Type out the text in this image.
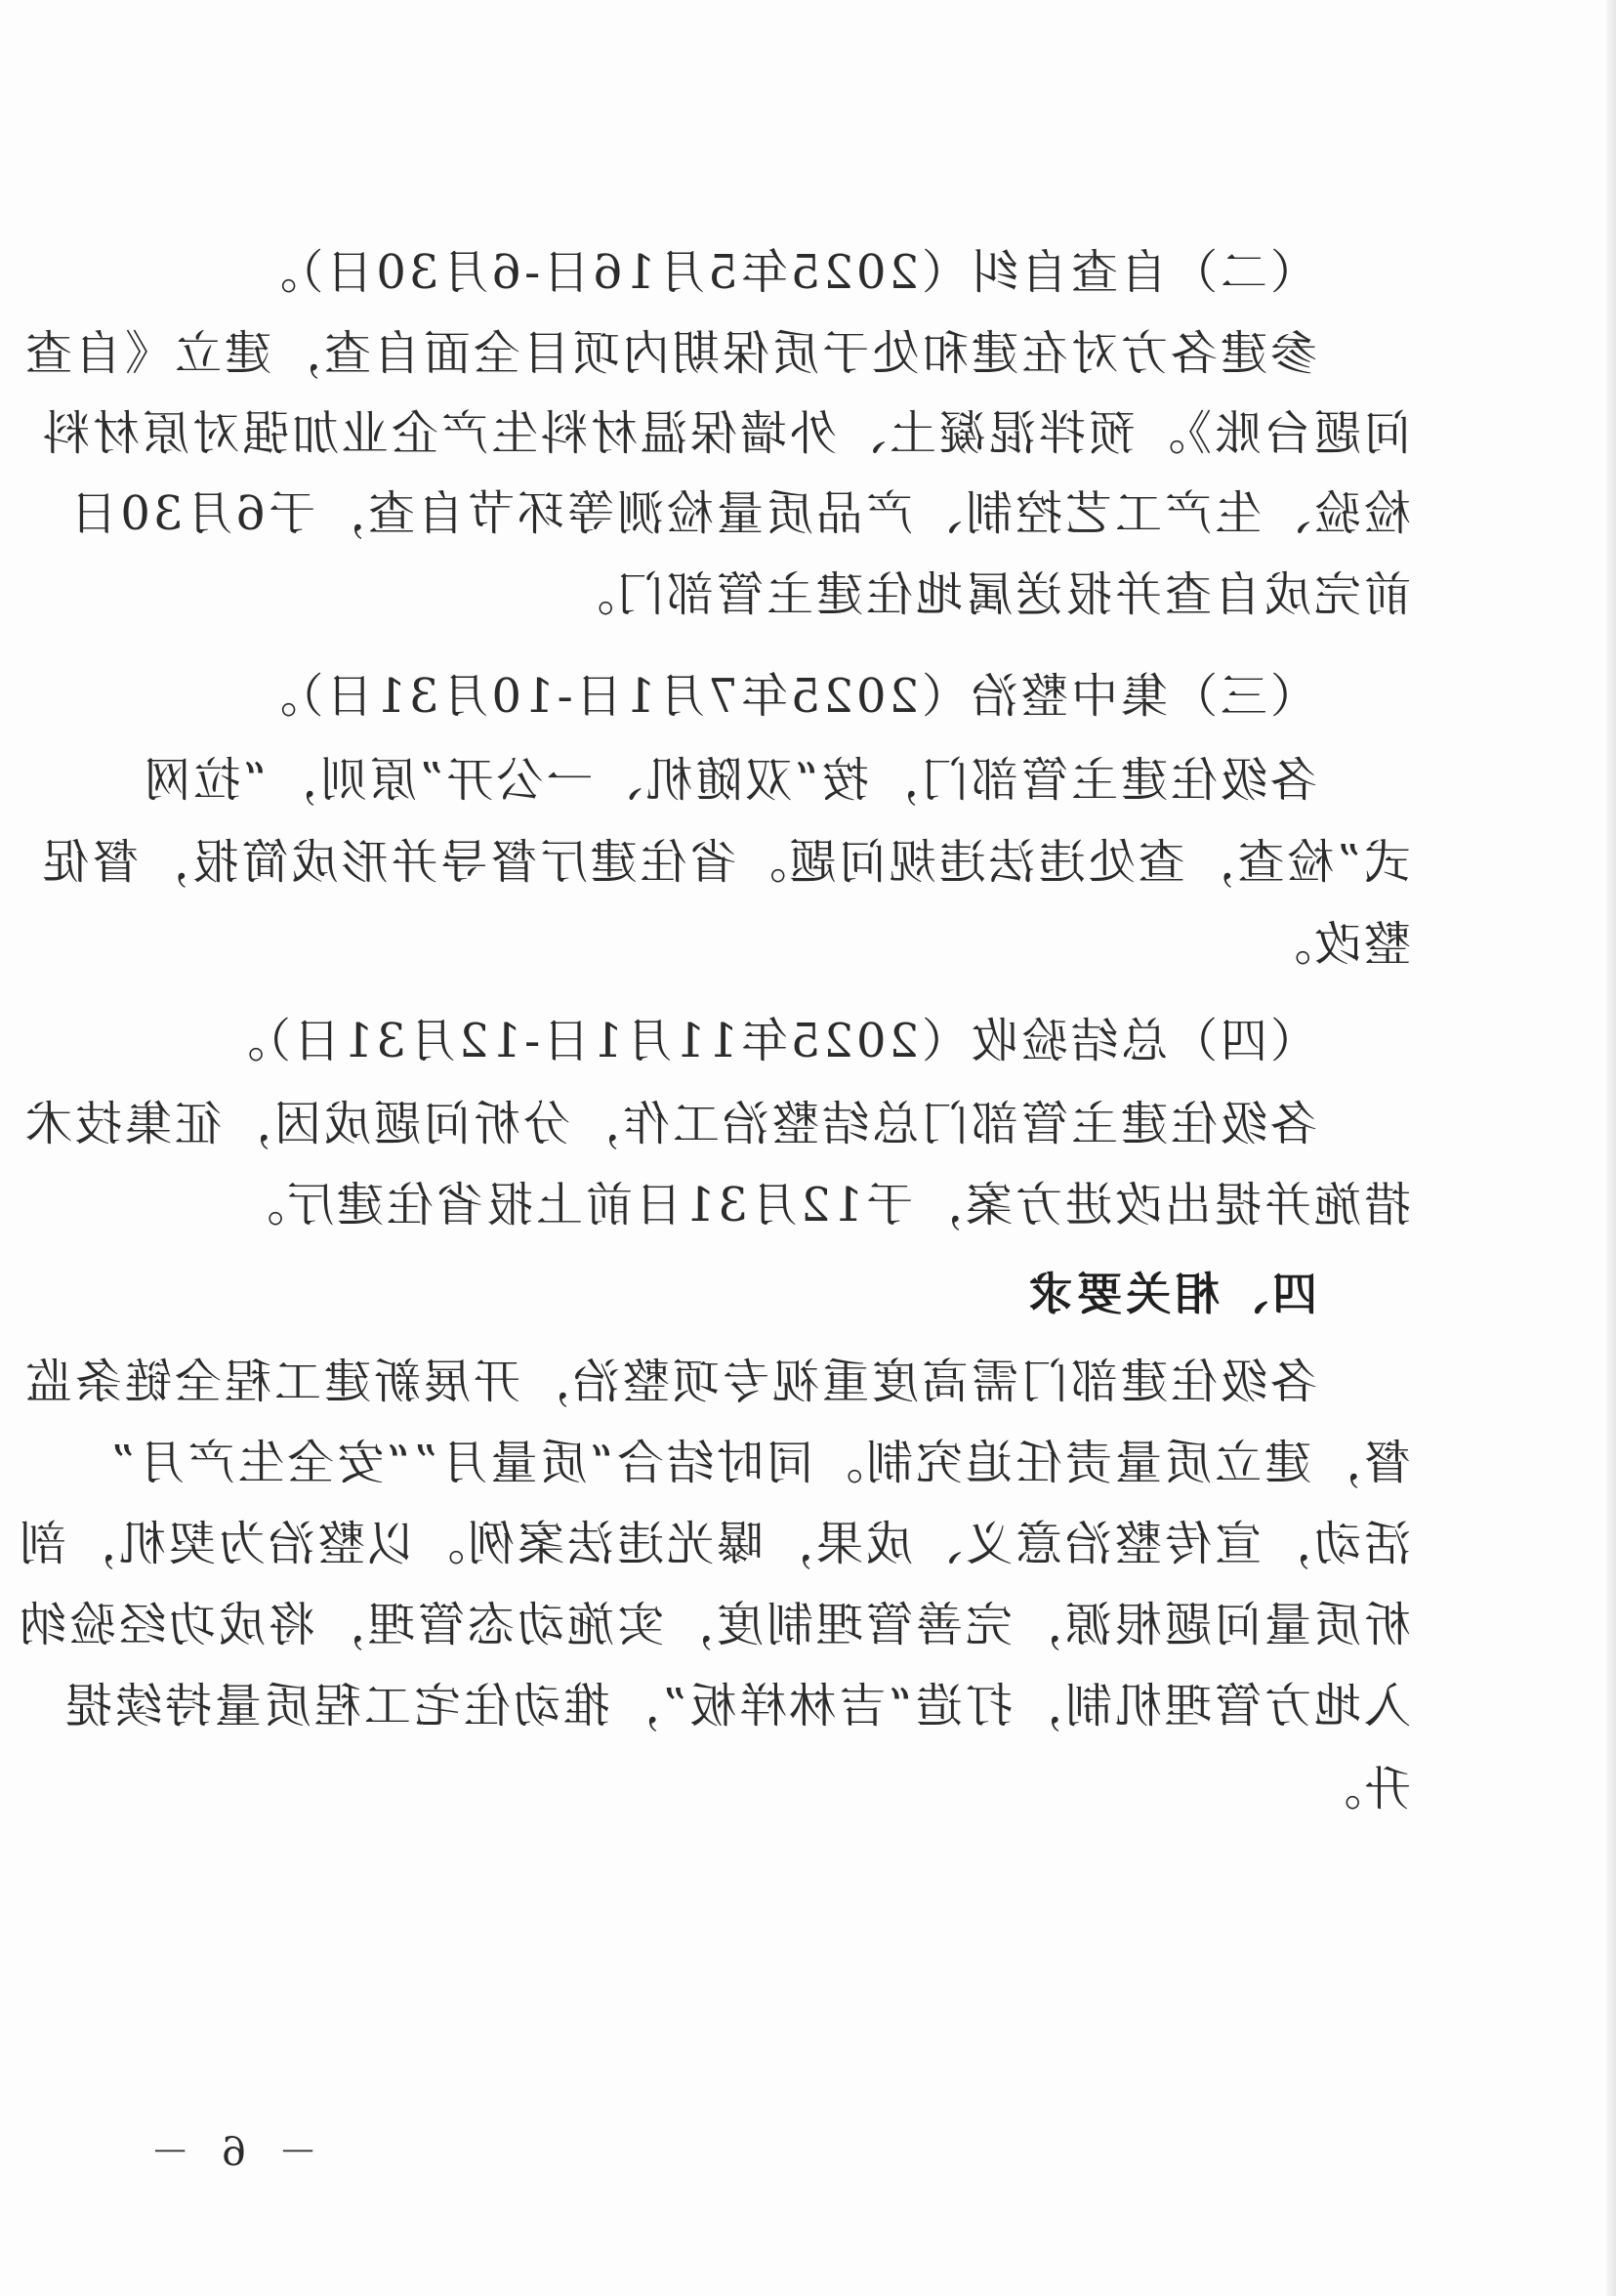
（二）自查自纠（2025年5月16日-6月30日）。
参建各方对在建和处于质保期内项目全面自查，建立《自查
问题台账》。预拌混凝土、外墙保温材料生产企业加强对原材料
检验、生产工艺控制、产品质量检测等环节自查，于6月30日
前完成自查并报送属地住建主管部门。
（三）集中整治（2025年7月1日-10月31日）。
各级住建主管部门，按“双随机、一公开”原则，“拉网
式”检查，查处违法违规问题。省住建厅督导并形成简报，督促
整改。
（四）总结验收（2025年11月1日-12月31日）。
各级住建主管部门总结整治工作，分析问题成因，征集技术
措施并提出改进方案，于12月31日前上报省住建厅。
四、相关要求
各级住建部门需高度重视专项整治，开展新建工程全链条监
督，建立质量责任追究制。同时结合“质量月”“安全生产月”
活动，宣传整治意义、成果，曝光违法案例。以整治为契机，剖
析质量问题根源，完善管理制度，实施动态管理，将成功经验纳
入地方管理机制，打造“吉林样板”，推动住宅工程质量持续提
升。
－ 6 －
